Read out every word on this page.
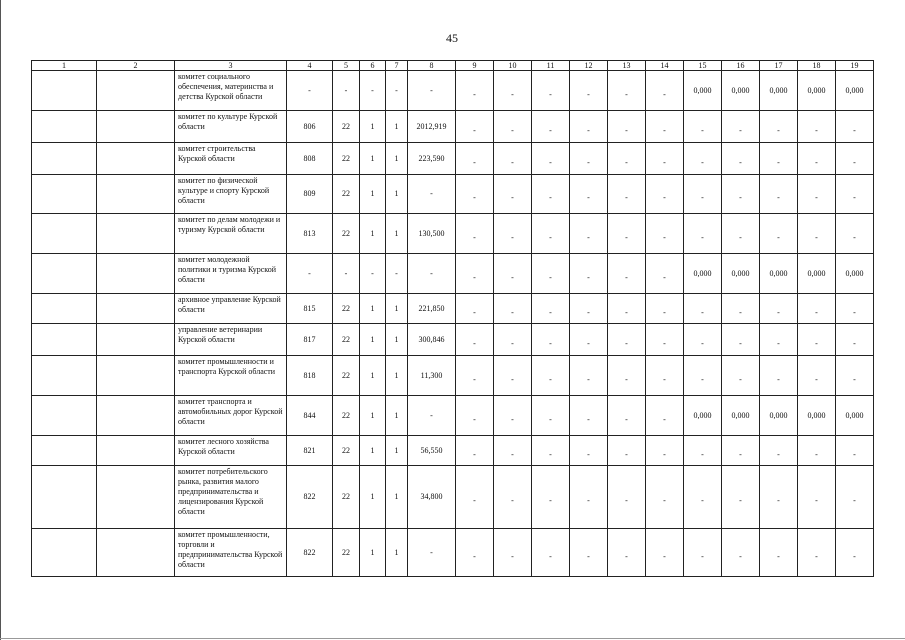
45
1	2	3	4	5	6	7	8	9	10	11	12	13	14	15	16	17	18	19
		комитет социального обеспечения, материнства и детства Курской области	-	-	-	-	-	-	-	-	-	-	-	0,000	0,000	0,000	0,000	0,000
		комитет по культуре Курской области	806	22	1	1	2012,919	-	-	-	-	-	-	-	-	-	-	-
		комитет строительства Курской области	808	22	1	1	223,590	-	-	-	-	-	-	-	-	-	-	-
		комитет по физической культуре и спорту Курской области	809	22	1	1	-	-	-	-	-	-	-	-	-	-	-	-
		комитет по делам молодежи и туризму Курской области	813	22	1	1	130,500	-	-	-	-	-	-	-	-	-	-	-
		комитет молодежной политики и туризма Курской области	-	-	-	-	-	-	-	-	-	-	-	0,000	0,000	0,000	0,000	0,000
		архивное управление Курской области	815	22	1	1	221,850	-	-	-	-	-	-	-	-	-	-	-
		управление ветеринарии Курской области	817	22	1	1	300,846	-	-	-	-	-	-	-	-	-	-	-
		комитет промышленности и транспорта Курской области	818	22	1	1	11,300	-	-	-	-	-	-	-	-	-	-	-
		комитет транспорта и автомобильных дорог Курской области	844	22	1	1	-	-	-	-	-	-	-	0,000	0,000	0,000	0,000	0,000
		комитет лесного хозяйства Курской области	821	22	1	1	56,550	-	-	-	-	-	-	-	-	-	-	-
		комитет потребительского рынка, развития малого предпринимательства и лицензирования Курской области	822	22	1	1	34,800	-	-	-	-	-	-	-	-	-	-	-
		комитет промышленности, торговли и предпринимательства Курской области	822	22	1	1	-	-	-	-	-	-	-	-	-	-	-	-
